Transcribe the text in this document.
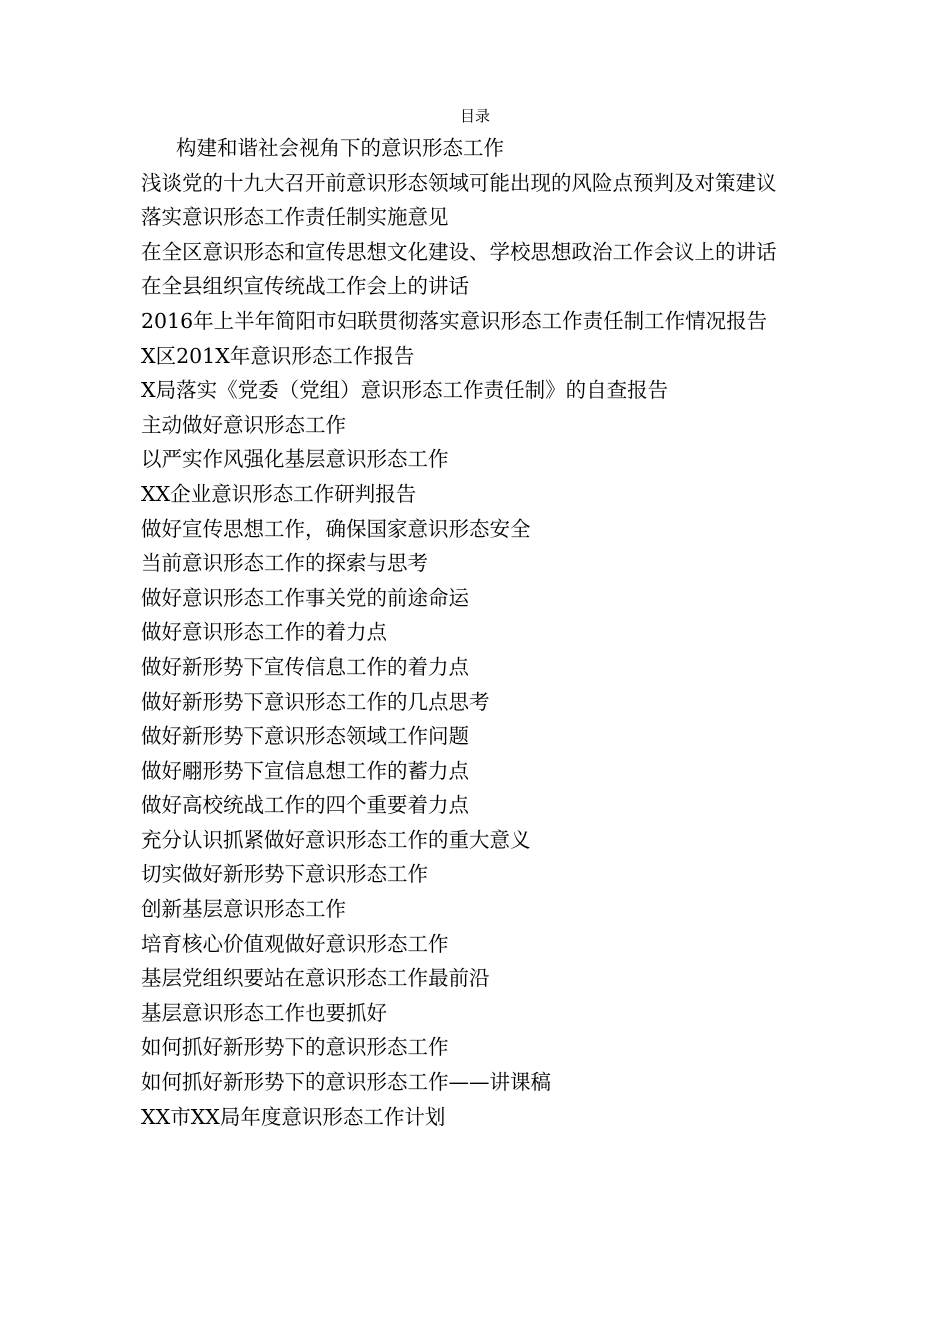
目录
构建和谐社会视角下的意识形态工作
浅谈党的十九大召开前意识形态领域可能出现的风险点预判及对策建议
落实意识形态工作责任制实施意见
在全区意识形态和宣传思想文化建设、学校思想政治工作会议上的讲话
在全县组织宣传统战工作会上的讲话
2016年上半年简阳市妇联贯彻落实意识形态工作责任制工作情况报告
X区201X年意识形态工作报告
X局落实《党委（党组）意识形态工作责任制》的自查报告
主动做好意识形态工作
以严实作风强化基层意识形态工作
XX企业意识形态工作研判报告
做好宣传思想工作，确保国家意识形态安全
当前意识形态工作的探索与思考
做好意识形态工作事关党的前途命运
做好意识形态工作的着力点
做好新形势下宣传信息工作的着力点
做好新形势下意识形态工作的几点思考
做好新形势下意识形态领域工作问题
做好翢形势下宣信息想工作的蓄力点
做好高校统战工作的四个重要着力点
充分认识抓紧做好意识形态工作的重大意义
切实做好新形势下意识形态工作
创新基层意识形态工作
培育核心价值观做好意识形态工作
基层党组织要站在意识形态工作最前沿
基层意识形态工作也要抓好
如何抓好新形势下的意识形态工作
如何抓好新形势下的意识形态工作——讲课稿
XX市XX局年度意识形态工作计划
